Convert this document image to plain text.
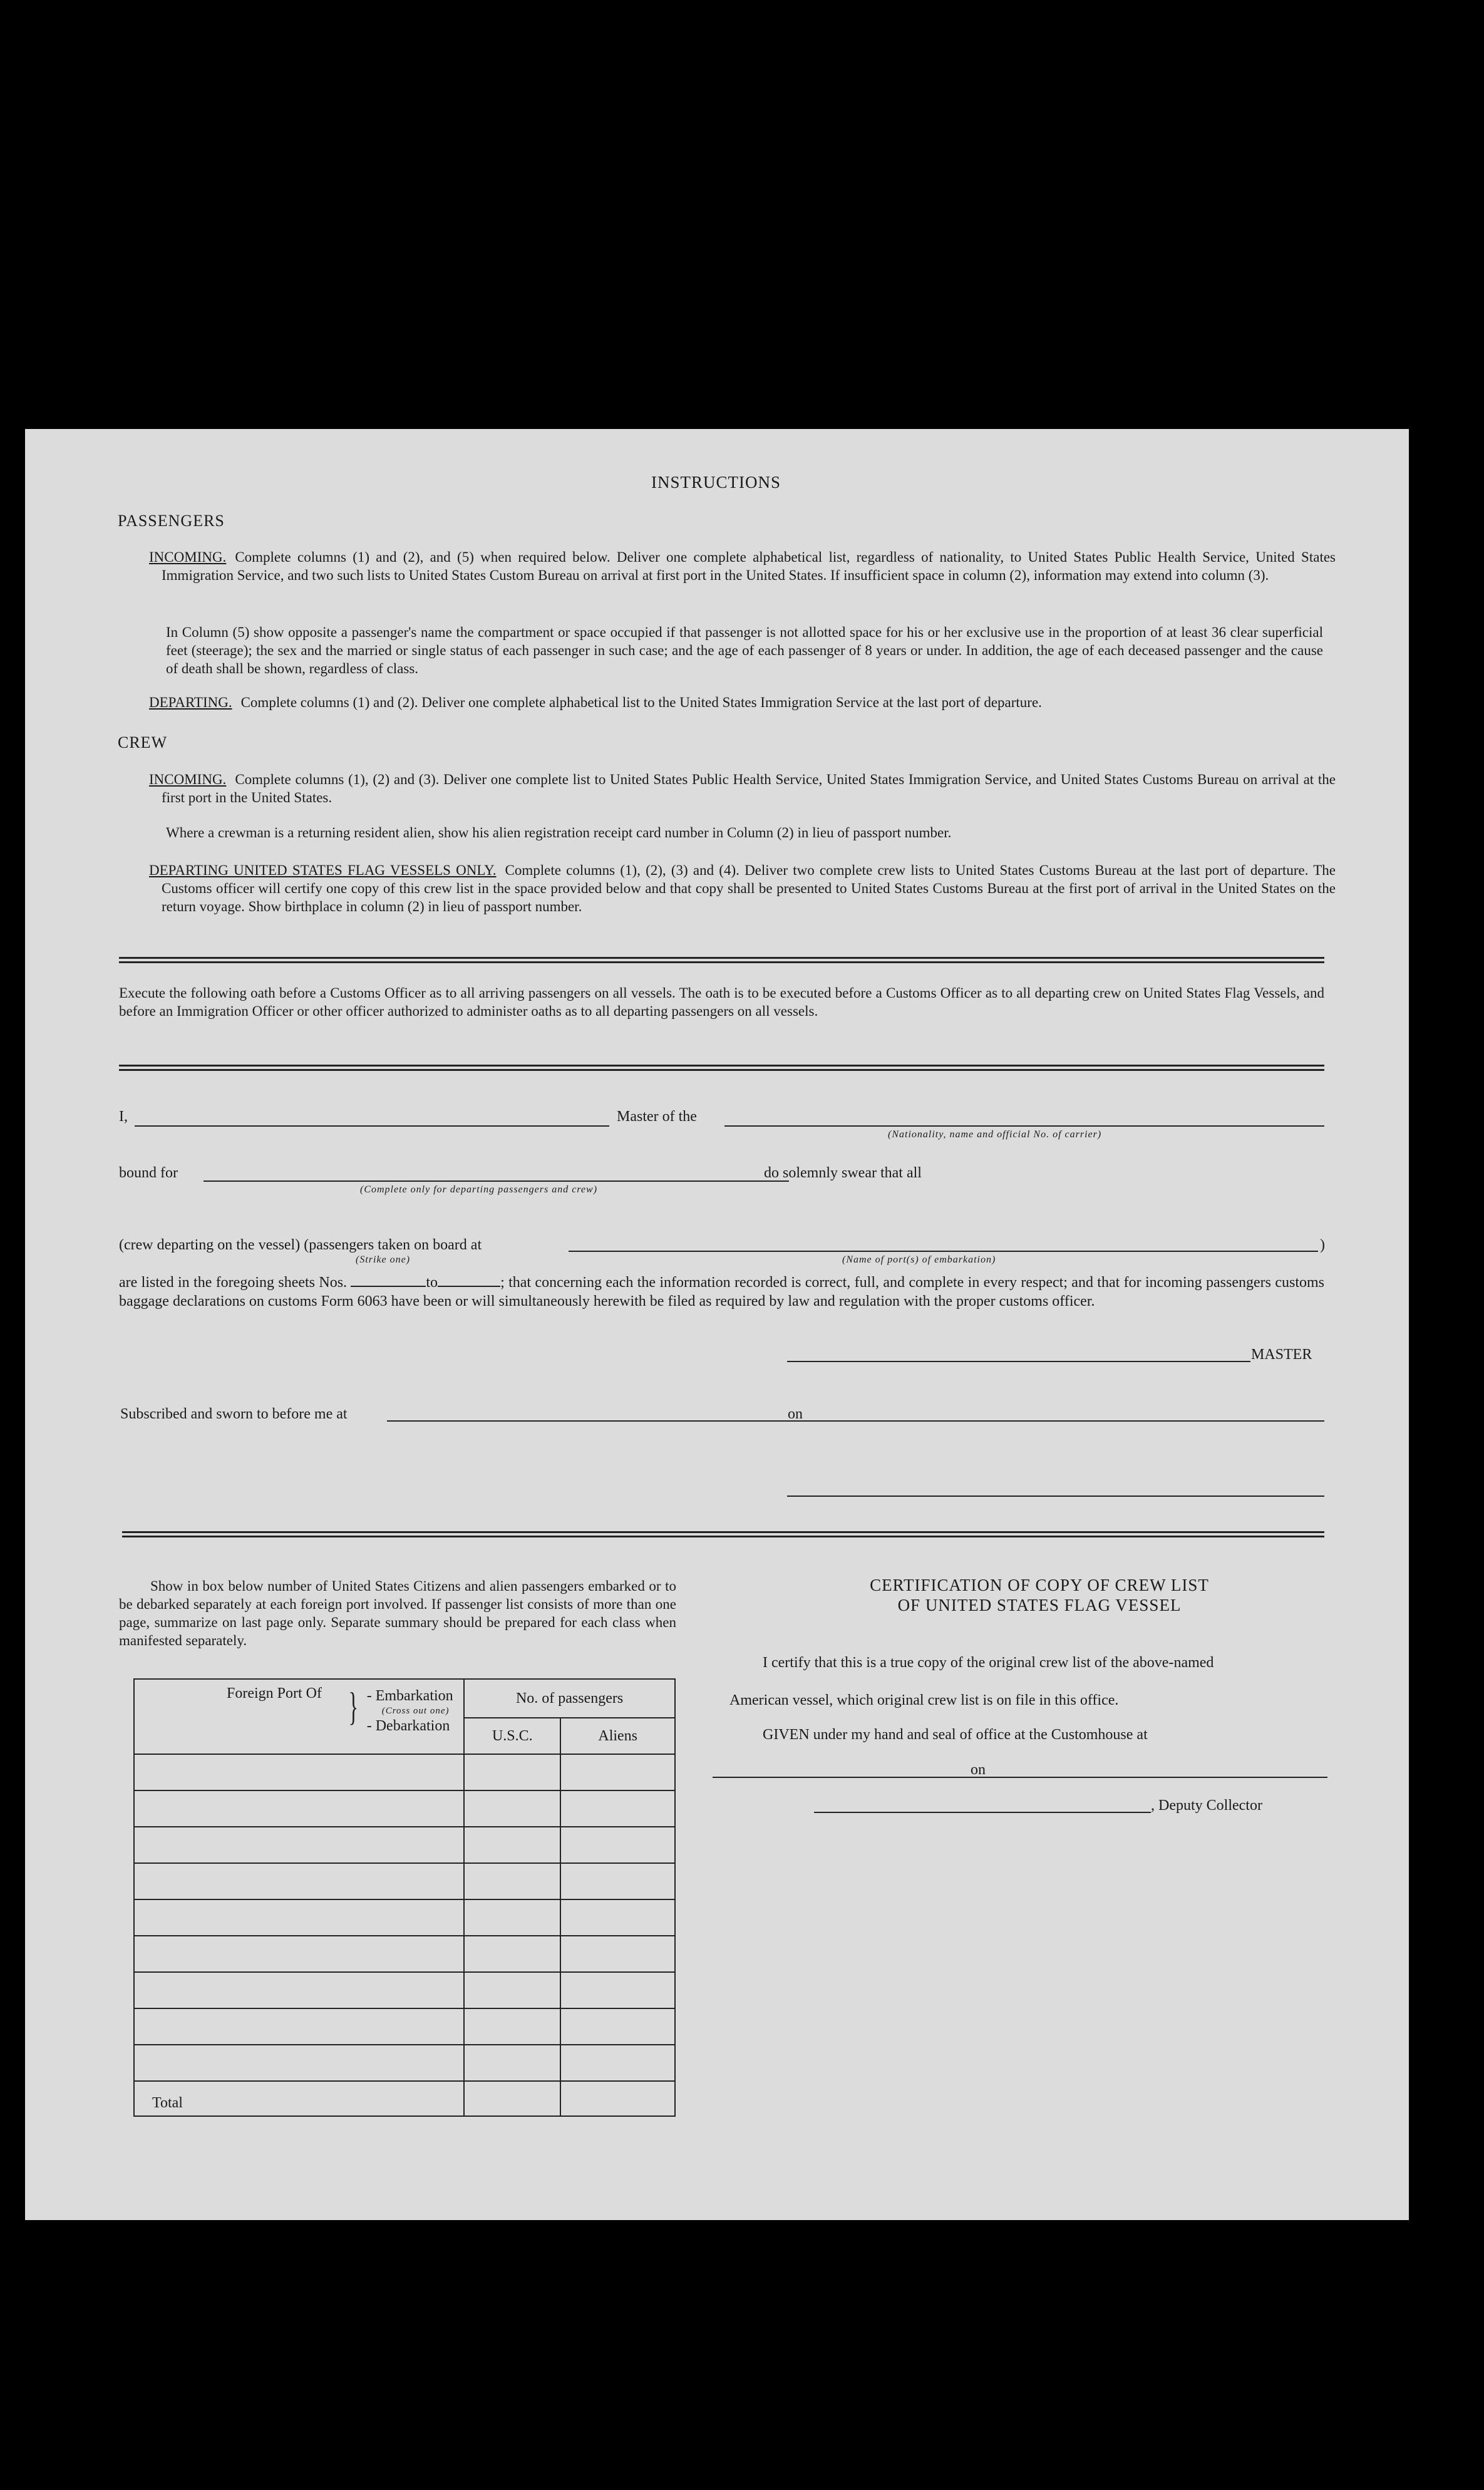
INSTRUCTIONS
PASSENGERS
INCOMING. Complete columns (1) and (2), and (5) when required below. Deliver one complete alphabetical list, regardless of nationality, to United States Public Health Service, United States Immigration Service, and two such lists to United States Custom Bureau on arrival at first port in the United States. If insufficient space in column (2), information may extend into column (3).
In Column (5) show opposite a passenger's name the compartment or space occupied if that passenger is not allotted space for his or her exclusive use in the proportion of at least 36 clear superficial feet (steerage); the sex and the married or single status of each passenger in such case; and the age of each passenger of 8 years or under. In addition, the age of each deceased passenger and the cause of death shall be shown, regardless of class.
DEPARTING. Complete columns (1) and (2). Deliver one complete alphabetical list to the United States Immigration Service at the last port of departure.
CREW
INCOMING. Complete columns (1), (2) and (3). Deliver one complete list to United States Public Health Service, United States Immigration Service, and United States Customs Bureau on arrival at the first port in the United States.
Where a crewman is a returning resident alien, show his alien registration receipt card number in Column (2) in lieu of passport number.
DEPARTING UNITED STATES FLAG VESSELS ONLY. Complete columns (1), (2), (3) and (4). Deliver two complete crew lists to United States Customs Bureau at the last port of departure. The Customs officer will certify one copy of this crew list in the space provided below and that copy shall be presented to United States Customs Bureau at the first port of arrival in the United States on the return voyage. Show birthplace in column (2) in lieu of passport number.
Execute the following oath before a Customs Officer as to all arriving passengers on all vessels. The oath is to be executed before a Customs Officer as to all departing crew on United States Flag Vessels, and before an Immigration Officer or other officer authorized to administer oaths as to all departing passengers on all vessels.
I,	Master of the
(Nationality, name and official No. of carrier)
bound for
(Complete only for departing passengers and crew)
do solemnly swear that all
(crew departing on the vessel) (passengers taken on board at	)
(Strike one)	(Name of port(s) of embarkation)
are listed in the foregoing sheets Nos.	to	; that concerning each the information recorded is correct, full, and complete in every respect; and that for incoming passengers customs baggage declarations on customs Form 6063 have been or will simultaneously herewith be filed as required by law and regulation with the proper customs officer.
MASTER
Subscribed and sworn to before me at	on
Show in box below number of United States Citizens and alien passengers embarked or to be debarked separately at each foreign port involved. If passenger list consists of more than one page, summarize on last page only. Separate summary should be prepared for each class when manifested separately.
Foreign Port Of } - Embarkation
(Cross out one)
- Debarkation	No. of passengers	
	U.S.C.	Aliens

Total		
CERTIFICATION OF COPY OF CREW LIST
OF UNITED STATES FLAG VESSEL
I certify that this is a true copy of the original crew list of the above-named
American vessel, which original crew list is on file in this office.
GIVEN under my hand and seal of office at the Customhouse at
on
, Deputy Collector
